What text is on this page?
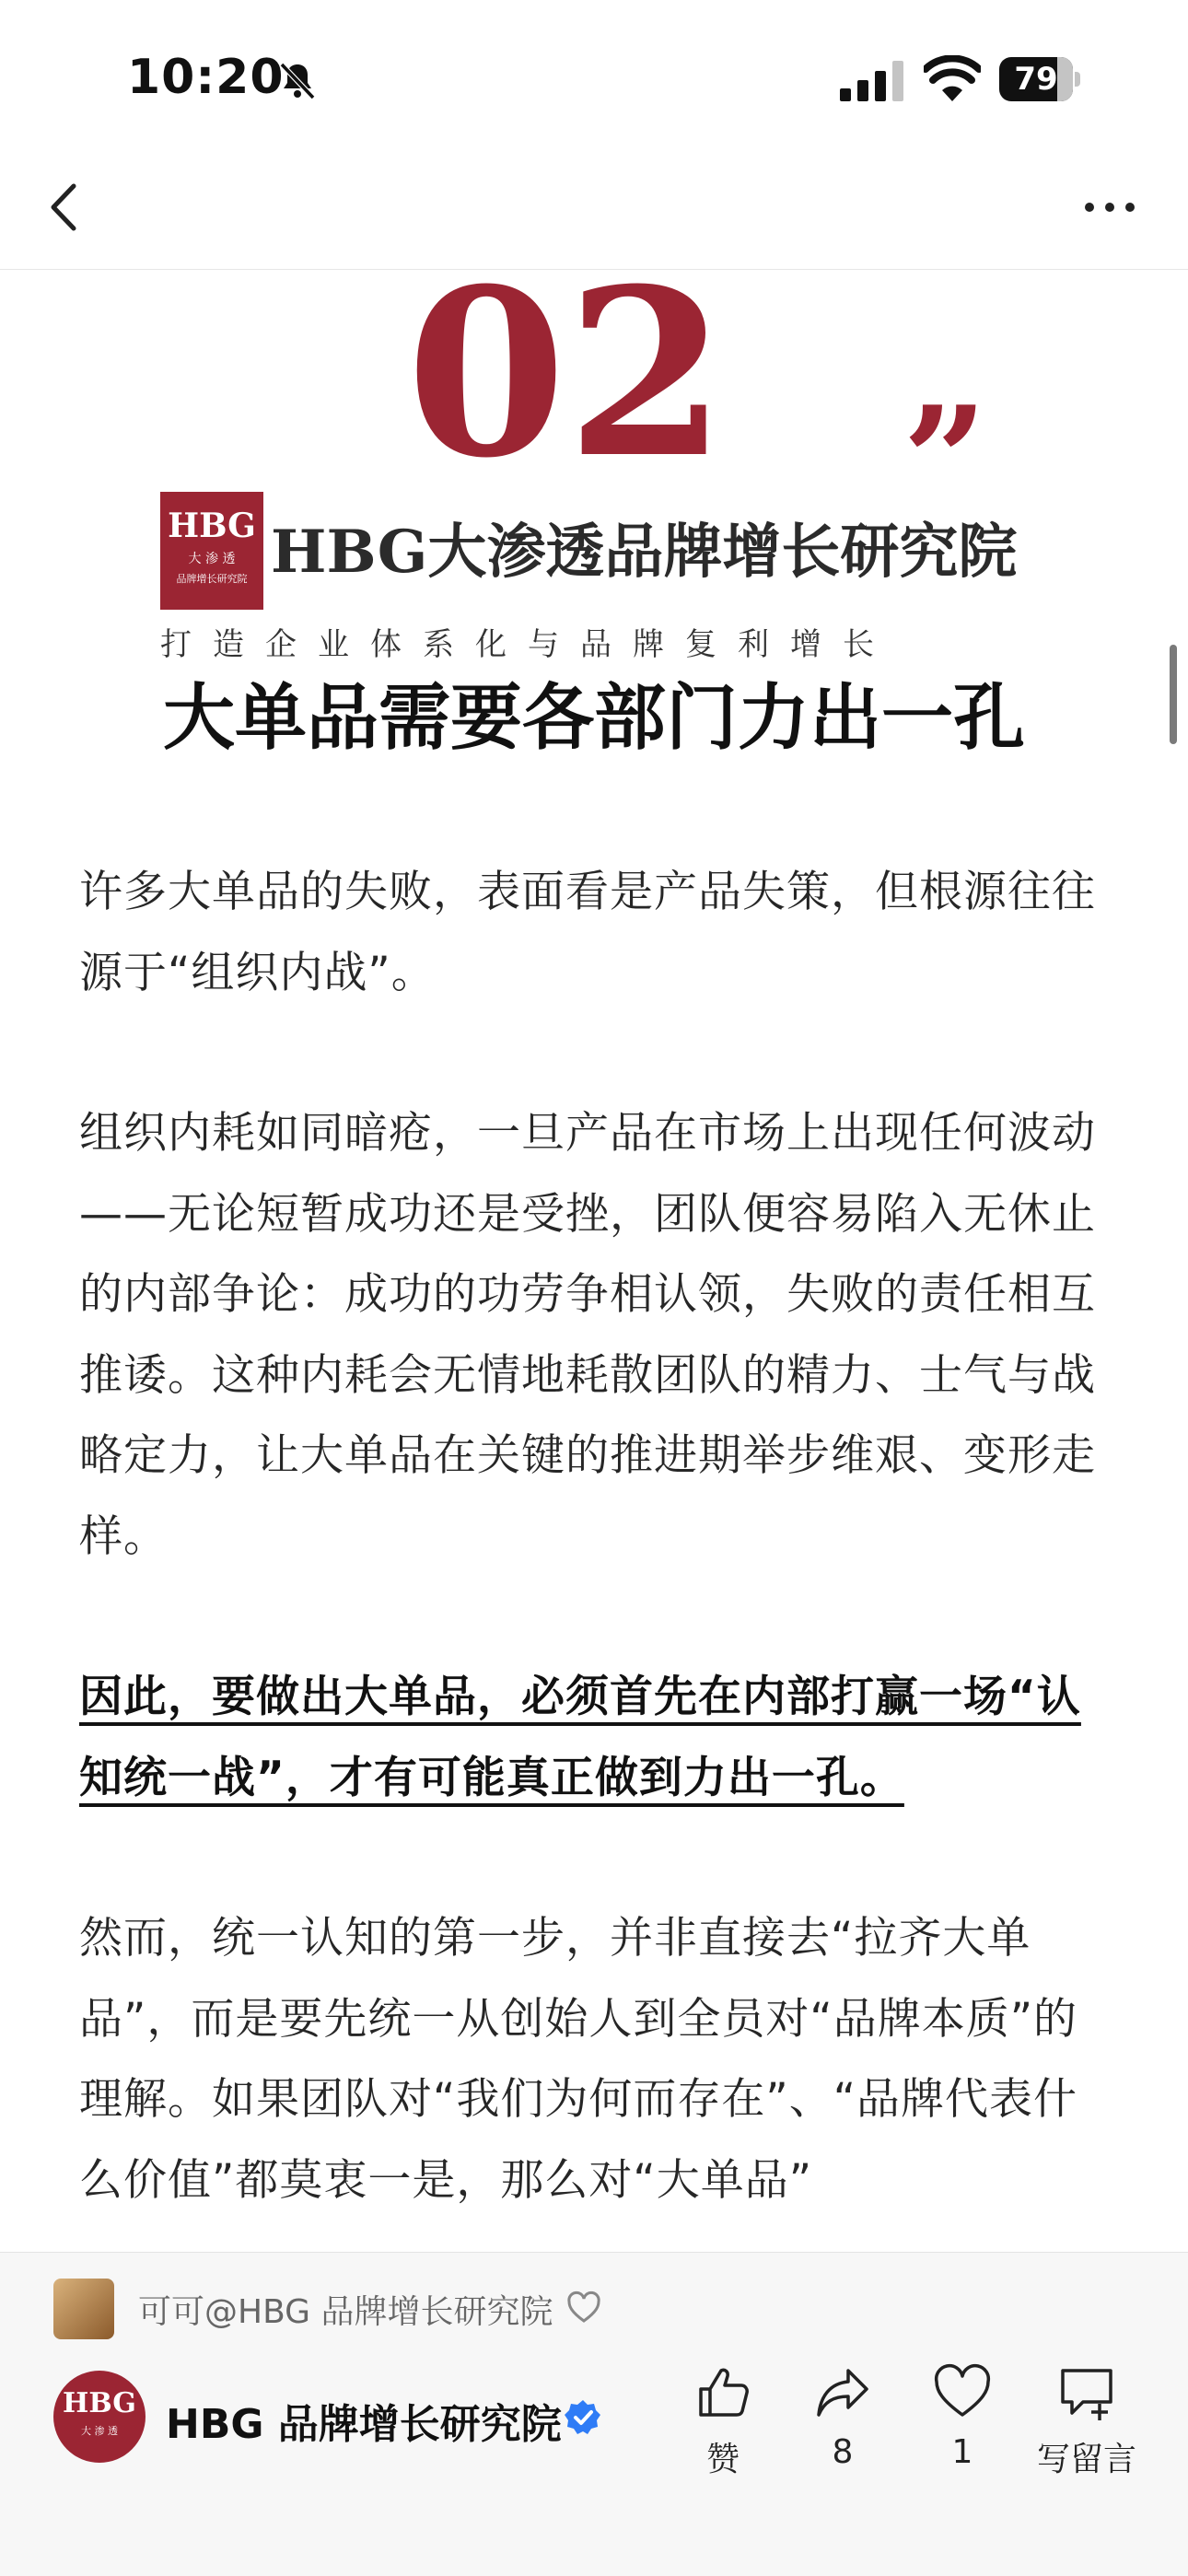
10:20	79
02	”
HBG
大 渗 透
品牌增长研究院 HBG大渗透品牌增长研究院
打造企业体系化与品牌复利增长
大单品需要各部门力出一孔

许多大单品的失败，表面看是产品失策，但根源往往源于“组织内战”。

组织内耗如同暗疮，一旦产品在市场上出现任何波动——无论短暂成功还是受挫，团队便容易陷入无休止的内部争论：成功的功劳争相认领，失败的责任相互推诿。这种内耗会无情地耗散团队的精力、士气与战略定力，让大单品在关键的推进期举步维艰、变形走样。

因此，要做出大单品，必须首先在内部打赢一场“认知统一战”，才有可能真正做到力出一孔。

然而，统一认知的第一步，并非直接去“拉齐大单品”，而是要先统一从创始人到全员对“品牌本质”的理解。如果团队对“我们为何而存在”、“品牌代表什么价值”都莫衷一是，那么对“大单品”

可可@HBG 品牌增长研究院
HBG
大 渗 透	HBG 品牌增长研究院
赞	8	1	写留言
